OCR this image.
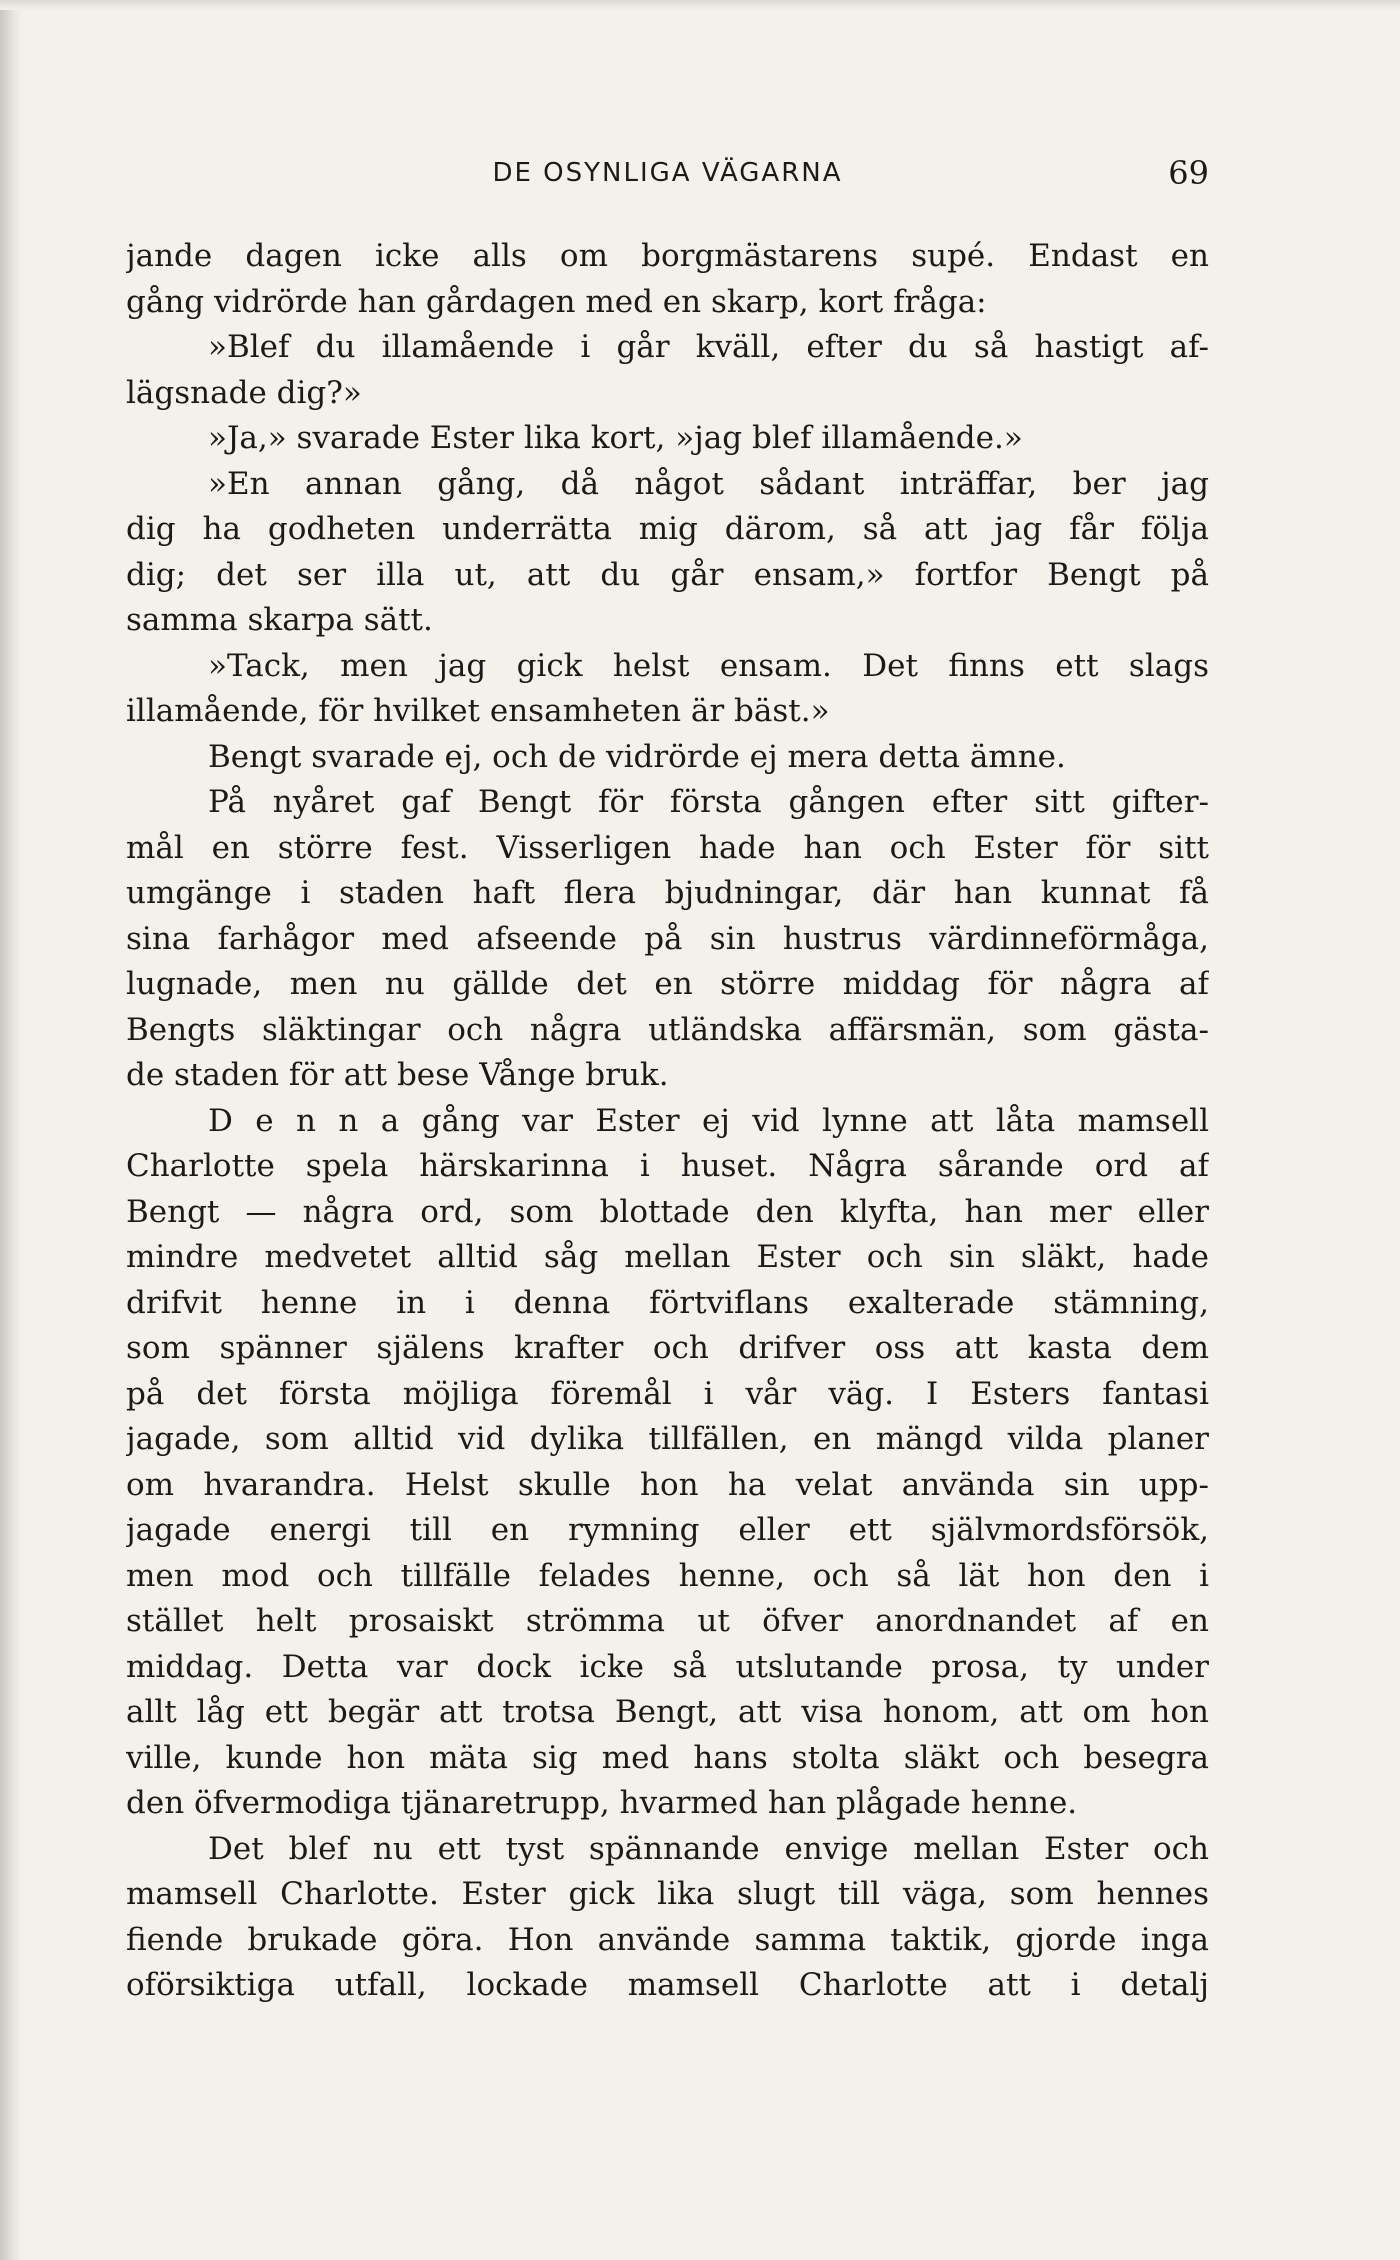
DE OSYNLIGA VÄGARNA	69
jande dagen icke alls om borgmästarens supé. Endast en
gång vidrörde han gårdagen med en skarp, kort fråga:
»Blef du illamående i går kväll, efter du så hastigt af-
lägsnade dig?»
»Ja,» svarade Ester lika kort, »jag blef illamående.»
»En annan gång, då något sådant inträffar, ber jag
dig ha godheten underrätta mig därom, så att jag får följa
dig; det ser illa ut, att du går ensam,» fortfor Bengt på
samma skarpa sätt.
»Tack, men jag gick helst ensam. Det finns ett slags
illamående, för hvilket ensamheten är bäst.»
Bengt svarade ej, och de vidrörde ej mera detta ämne.
På nyåret gaf Bengt för första gången efter sitt gifter-
mål en större fest. Visserligen hade han och Ester för sitt
umgänge i staden haft flera bjudningar, där han kunnat få
sina farhågor med afseende på sin hustrus värdinneförmåga,
lugnade, men nu gällde det en större middag för några af
Bengts släktingar och några utländska affärsmän, som gästa-
de staden för att bese Vånge bruk.
D e n n a gång var Ester ej vid lynne att låta mamsell
Charlotte spela härskarinna i huset. Några sårande ord af
Bengt — några ord, som blottade den klyfta, han mer eller
mindre medvetet alltid såg mellan Ester och sin släkt, hade
drifvit henne in i denna förtviflans exalterade stämning,
som spänner själens krafter och drifver oss att kasta dem
på det första möjliga föremål i vår väg. I Esters fantasi
jagade, som alltid vid dylika tillfällen, en mängd vilda planer
om hvarandra. Helst skulle hon ha velat använda sin upp-
jagade energi till en rymning eller ett självmordsförsök,
men mod och tillfälle felades henne, och så lät hon den i
stället helt prosaiskt strömma ut öfver anordnandet af en
middag. Detta var dock icke så utslutande prosa, ty under
allt låg ett begär att trotsa Bengt, att visa honom, att om hon
ville, kunde hon mäta sig med hans stolta släkt och besegra
den öfvermodiga tjänaretrupp, hvarmed han plågade henne.
Det blef nu ett tyst spännande envige mellan Ester och
mamsell Charlotte. Ester gick lika slugt till väga, som hennes
fiende brukade göra. Hon använde samma taktik, gjorde inga
oförsiktiga utfall, lockade mamsell Charlotte att i detalj
